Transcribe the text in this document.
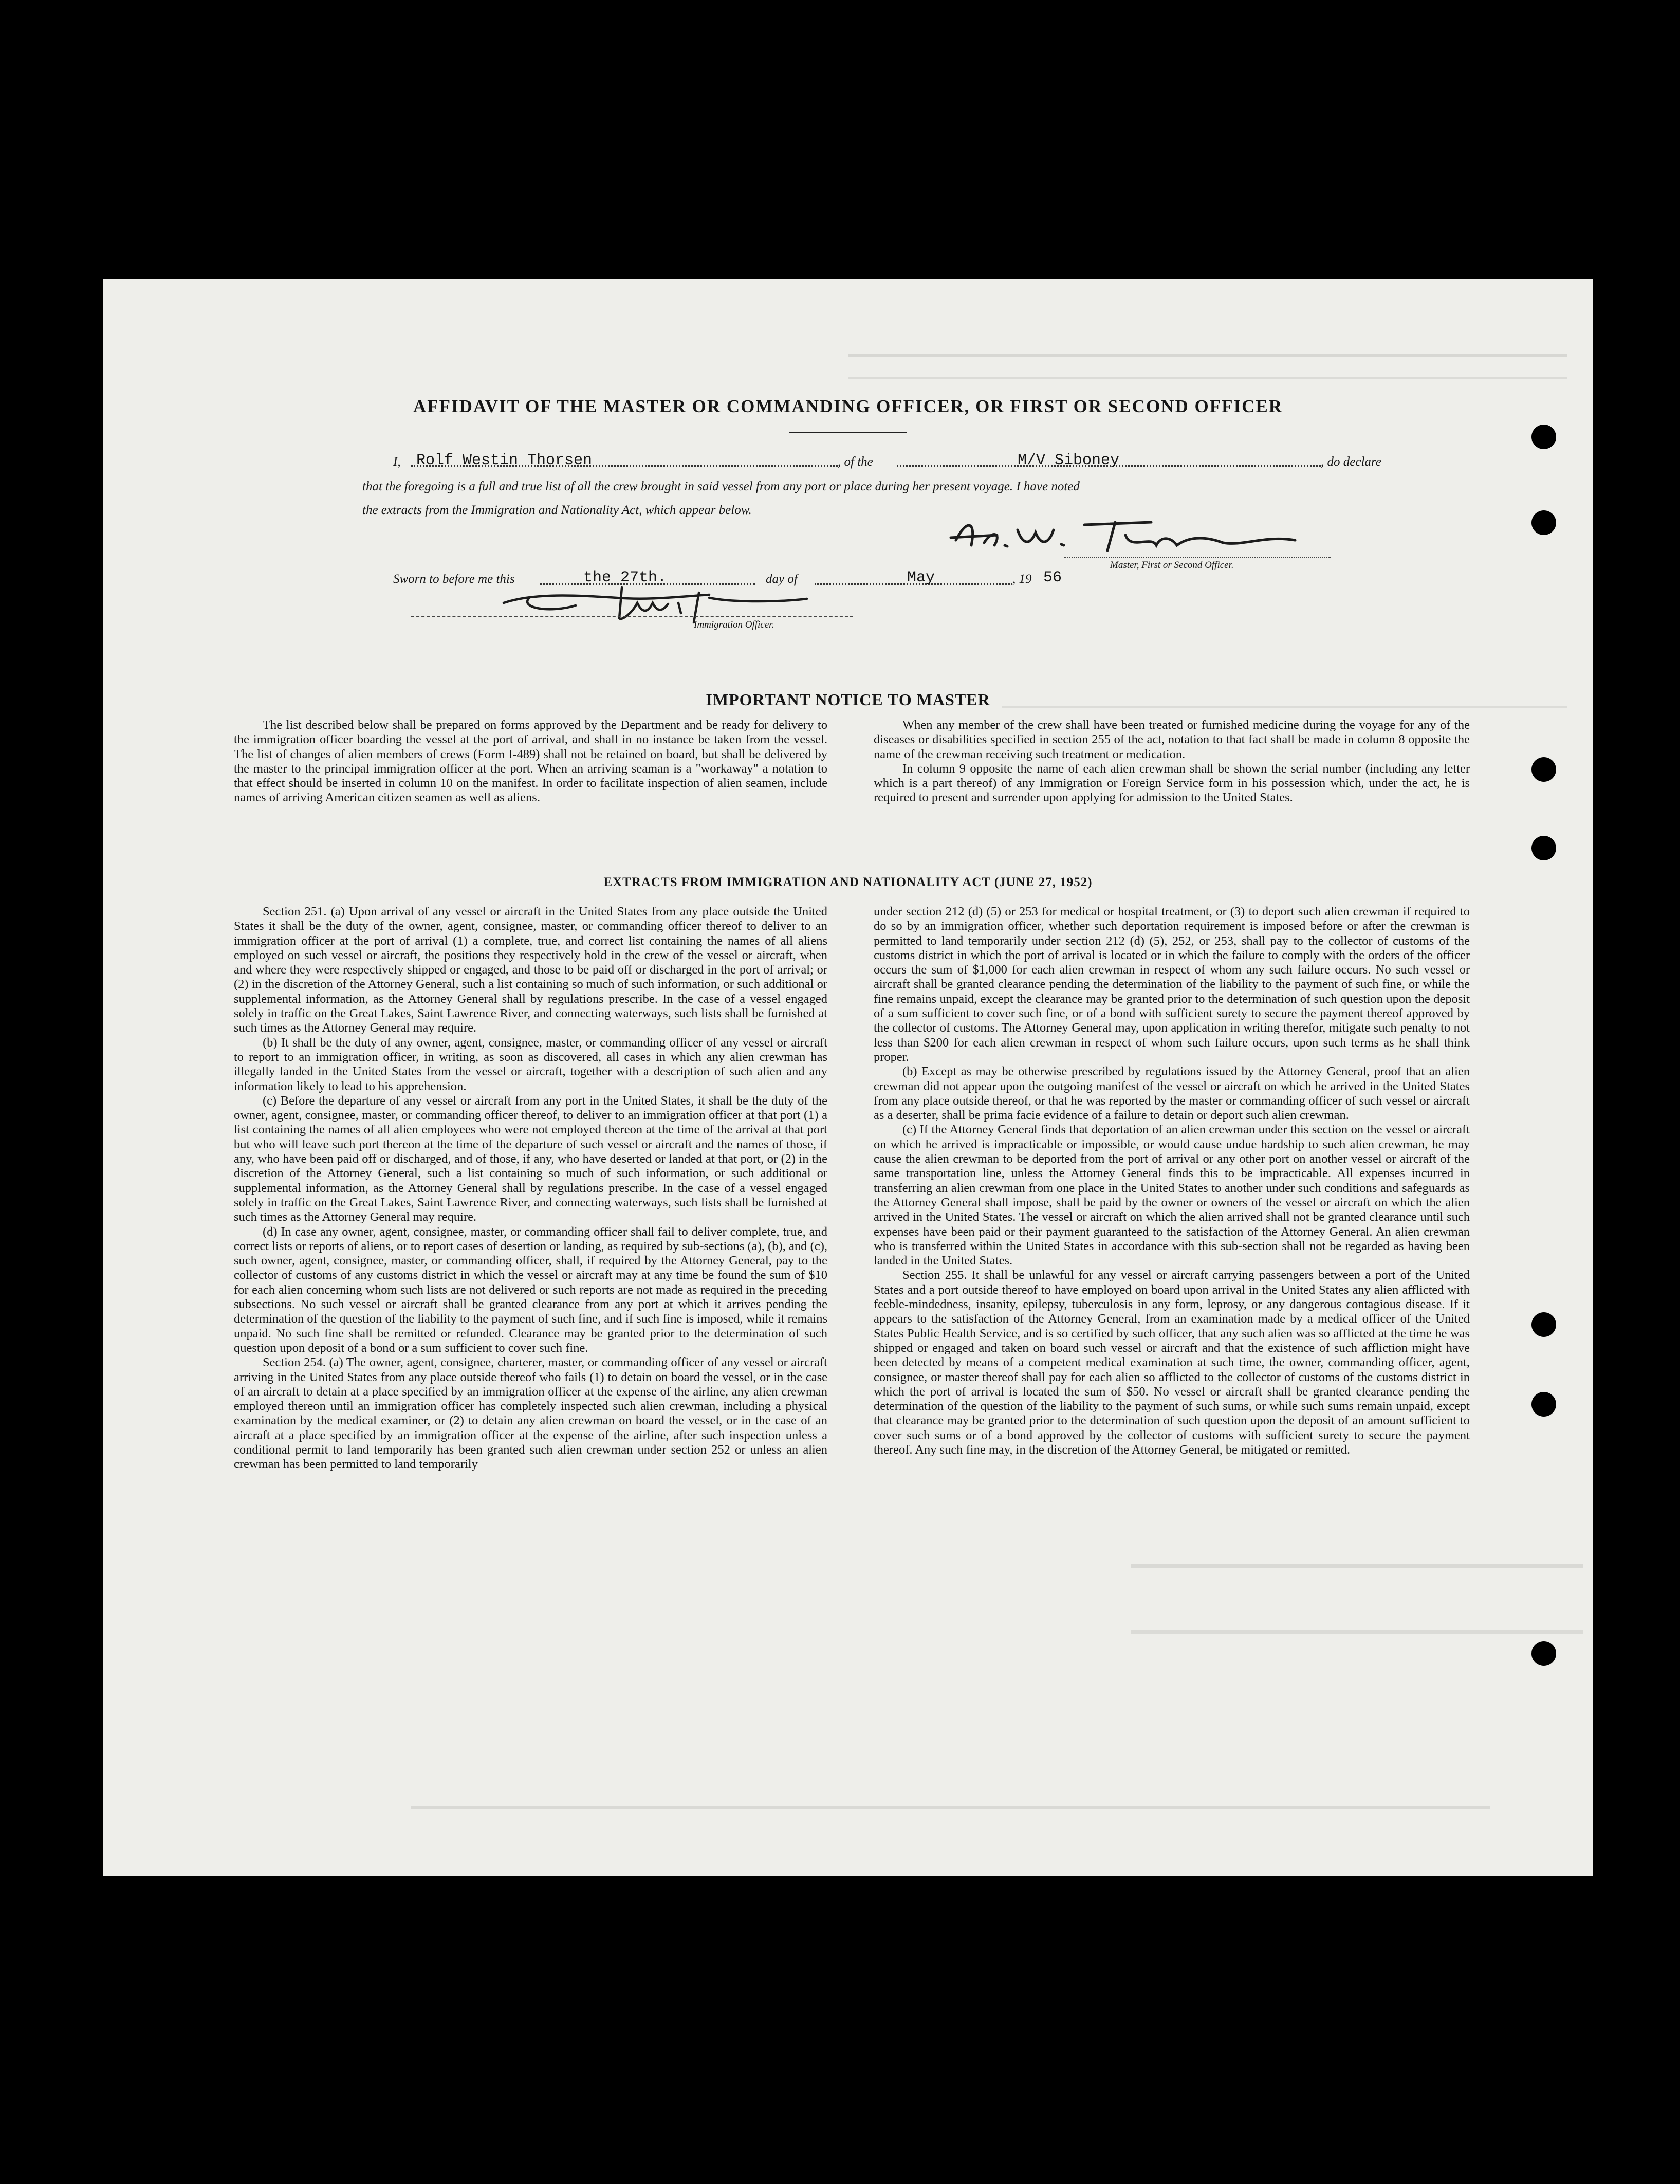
AFFIDAVIT OF THE MASTER OR COMMANDING OFFICER, OR FIRST OR SECOND OFFICER
I, Rolf Westin Thorsen	, of the	M/V Siboney	, do declare
that the foregoing is a full and true list of all the crew brought in said vessel from any port or place during her present voyage. I have noted
the extracts from the Immigration and Nationality Act, which appear below.
Master, First or Second Officer.
Sworn to before me this	the 27th.	day of	May	, 19 56
Immigration Officer.
IMPORTANT NOTICE TO MASTER

The list described below shall be prepared on forms approved by the Department and be ready for delivery to the immigration officer boarding the vessel at the port of arrival, and shall in no instance be taken from the vessel. The list of changes of alien members of crews (Form I-489) shall not be retained on board, but shall be delivered by the master to the principal immigration officer at the port. When an arriving seaman is a "workaway" a notation to that effect should be inserted in column 10 on the manifest. In order to facilitate inspection of alien seamen, include names of arriving American citizen seamen as well as aliens.

When any member of the crew shall have been treated or furnished medicine during the voyage for any of the diseases or disabilities specified in section 255 of the act, notation to that fact shall be made in column 8 opposite the name of the crewman receiving such treatment or medication.

In column 9 opposite the name of each alien crewman shall be shown the serial number (including any letter which is a part thereof) of any Immigration or Foreign Service form in his possession which, under the act, he is required to present and surrender upon applying for admission to the United States.

EXTRACTS FROM IMMIGRATION AND NATIONALITY ACT (JUNE 27, 1952)

Section 251. (a) Upon arrival of any vessel or aircraft in the United States from any place outside the United States it shall be the duty of the owner, agent, consignee, master, or commanding officer thereof to deliver to an immigration officer at the port of arrival (1) a complete, true, and correct list containing the names of all aliens employed on such vessel or aircraft, the positions they respectively hold in the crew of the vessel or aircraft, when and where they were respectively shipped or engaged, and those to be paid off or discharged in the port of arrival; or (2) in the discretion of the Attorney General, such a list containing so much of such information, or such additional or supplemental information, as the Attorney General shall by regulations prescribe. In the case of a vessel engaged solely in traffic on the Great Lakes, Saint Lawrence River, and connecting waterways, such lists shall be furnished at such times as the Attorney General may require.

(b) It shall be the duty of any owner, agent, consignee, master, or commanding officer of any vessel or aircraft to report to an immigration officer, in writing, as soon as discovered, all cases in which any alien crewman has illegally landed in the United States from the vessel or aircraft, together with a description of such alien and any information likely to lead to his apprehension.

(c) Before the departure of any vessel or aircraft from any port in the United States, it shall be the duty of the owner, agent, consignee, master, or commanding officer thereof, to deliver to an immigration officer at that port (1) a list containing the names of all alien employees who were not employed thereon at the time of the arrival at that port but who will leave such port thereon at the time of the departure of such vessel or aircraft and the names of those, if any, who have been paid off or discharged, and of those, if any, who have deserted or landed at that port, or (2) in the discretion of the Attorney General, such a list containing so much of such information, or such additional or supplemental information, as the Attorney General shall by regulations prescribe. In the case of a vessel engaged solely in traffic on the Great Lakes, Saint Lawrence River, and connecting waterways, such lists shall be furnished at such times as the Attorney General may require.

(d) In case any owner, agent, consignee, master, or commanding officer shall fail to deliver complete, true, and correct lists or reports of aliens, or to report cases of desertion or landing, as required by sub-sections (a), (b), and (c), such owner, agent, consignee, master, or commanding officer, shall, if required by the Attorney General, pay to the collector of customs of any customs district in which the vessel or aircraft may at any time be found the sum of $10 for each alien concerning whom such lists are not delivered or such reports are not made as required in the preceding subsections. No such vessel or aircraft shall be granted clearance from any port at which it arrives pending the determination of the question of the liability to the payment of such fine, and if such fine is imposed, while it remains unpaid. No such fine shall be remitted or refunded. Clearance may be granted prior to the determination of such question upon deposit of a bond or a sum sufficient to cover such fine.

Section 254. (a) The owner, agent, consignee, charterer, master, or commanding officer of any vessel or aircraft arriving in the United States from any place outside thereof who fails (1) to detain on board the vessel, or in the case of an aircraft to detain at a place specified by an immigration officer at the expense of the airline, any alien crewman employed thereon until an immigration officer has completely inspected such alien crewman, including a physical examination by the medical examiner, or (2) to detain any alien crewman on board the vessel, or in the case of an aircraft at a place specified by an immigration officer at the expense of the airline, after such inspection unless a conditional permit to land temporarily has been granted such alien crewman under section 252 or unless an alien crewman has been permitted to land temporarily

under section 212 (d) (5) or 253 for medical or hospital treatment, or (3) to deport such alien crewman if required to do so by an immigration officer, whether such deportation requirement is imposed before or after the crewman is permitted to land temporarily under section 212 (d) (5), 252, or 253, shall pay to the collector of customs of the customs district in which the port of arrival is located or in which the failure to comply with the orders of the officer occurs the sum of $1,000 for each alien crewman in respect of whom any such failure occurs. No such vessel or aircraft shall be granted clearance pending the determination of the liability to the payment of such fine, or while the fine remains unpaid, except the clearance may be granted prior to the determination of such question upon the deposit of a sum sufficient to cover such fine, or of a bond with sufficient surety to secure the payment thereof approved by the collector of customs. The Attorney General may, upon application in writing therefor, mitigate such penalty to not less than $200 for each alien crewman in respect of whom such failure occurs, upon such terms as he shall think proper.

(b) Except as may be otherwise prescribed by regulations issued by the Attorney General, proof that an alien crewman did not appear upon the outgoing manifest of the vessel or aircraft on which he arrived in the United States from any place outside thereof, or that he was reported by the master or commanding officer of such vessel or aircraft as a deserter, shall be prima facie evidence of a failure to detain or deport such alien crewman.

(c) If the Attorney General finds that deportation of an alien crewman under this section on the vessel or aircraft on which he arrived is impracticable or impossible, or would cause undue hardship to such alien crewman, he may cause the alien crewman to be deported from the port of arrival or any other port on another vessel or aircraft of the same transportation line, unless the Attorney General finds this to be impracticable. All expenses incurred in transferring an alien crewman from one place in the United States to another under such conditions and safeguards as the Attorney General shall impose, shall be paid by the owner or owners of the vessel or aircraft on which the alien arrived in the United States. The vessel or aircraft on which the alien arrived shall not be granted clearance until such expenses have been paid or their payment guaranteed to the satisfaction of the Attorney General. An alien crewman who is transferred within the United States in accordance with this sub-section shall not be regarded as having been landed in the United States.

Section 255. It shall be unlawful for any vessel or aircraft carrying passengers between a port of the United States and a port outside thereof to have employed on board upon arrival in the United States any alien afflicted with feeble-mindedness, insanity, epilepsy, tuberculosis in any form, leprosy, or any dangerous contagious disease. If it appears to the satisfaction of the Attorney General, from an examination made by a medical officer of the United States Public Health Service, and is so certified by such officer, that any such alien was so afflicted at the time he was shipped or engaged and taken on board such vessel or aircraft and that the existence of such affliction might have been detected by means of a competent medical examination at such time, the owner, commanding officer, agent, consignee, or master thereof shall pay for each alien so afflicted to the collector of customs of the customs district in which the port of arrival is located the sum of $50. No vessel or aircraft shall be granted clearance pending the determination of the question of the liability to the payment of such sums, or while such sums remain unpaid, except that clearance may be granted prior to the determination of such question upon the deposit of an amount sufficient to cover such sums or of a bond approved by the collector of customs with sufficient surety to secure the payment thereof. Any such fine may, in the discretion of the Attorney General, be mitigated or remitted.
